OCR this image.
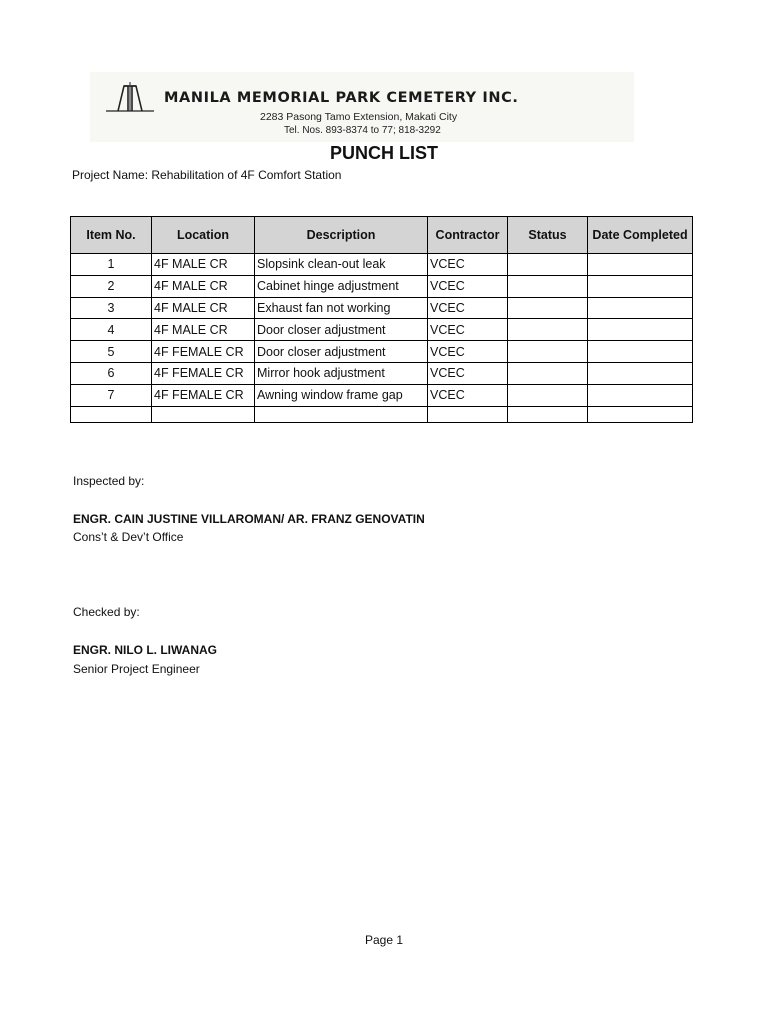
MANILA MEMORIAL PARK CEMETERY INC.
2283 Pasong Tamo Extension, Makati City
Tel. Nos. 893-8374 to 77; 818-3292
PUNCH LIST
Project Name: Rehabilitation of 4F Comfort Station
Item No.	Location	Description	Contractor	Status	Date Completed
1	4F MALE CR	Slopsink clean-out leak	VCEC		
2	4F MALE CR	Cabinet hinge adjustment	VCEC		
3	4F MALE CR	Exhaust fan not working	VCEC		
4	4F MALE CR	Door closer adjustment	VCEC		
5	4F FEMALE CR	Door closer adjustment	VCEC		
6	4F FEMALE CR	Mirror hook adjustment	VCEC		
7	4F FEMALE CR	Awning window frame gap	VCEC		

Inspected by:
ENGR. CAIN JUSTINE VILLAROMAN/ AR. FRANZ GENOVATIN
Cons’t & Dev’t Office
Checked by:
ENGR. NILO L. LIWANAG
Senior Project Engineer
Page 1
